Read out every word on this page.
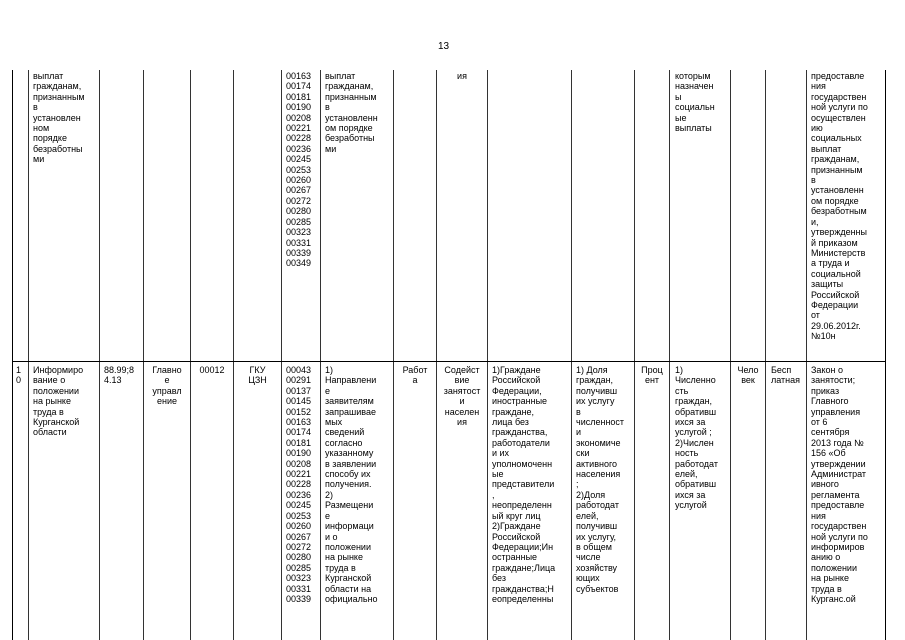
13
выплат
гражданам,
признанным
в
установлен
ном
порядке
безработны
ми
00163
00174
00181
00190
00208
00221
00228
00236
00245
00253
00260
00267
00272
00280
00285
00323
00331
00339
00349
выплат
гражданам,
признанным
в
установленн
ом порядке
безработны
ми
ия	которым
назначен
ы
социальн
ые
выплаты
предоставле
ния
государствен
ной услуги по
осуществлен
ию
социальных
выплат
гражданам,
признанным
в
установленн
ом порядке
безработным
и,
утвержденны
й приказом
Министерств
а труда и
социальной
защиты
Российской
Федерации
от
29.06.2012г.
№10н
1
0
Информиро
вание о
положении
на рынке
труда в
Курганской
области
88.99;8
4.13
Главно
е
управл
ение
00012	ГКУ
ЦЗН
00043
00291
00137
00145
00152
00163
00174
00181
00190
00208
00221
00228
00236
00245
00253
00260
00267
00272
00280
00285
00323
00331
00339
1)
Направлени
е
заявителям
запрашивае
мых
сведений
согласно
указанному
в заявлении
способу их
получения.
2)
Размещени
е
информаци
и о
положении
на рынке
труда в
Курганской
области на
официально
Работ
а
Содейст
вие
занятост
и
населен
ия
1)Граждане
Российской
Федерации,
иностранные
граждане,
лица без
гражданства,
работодатели
и их
уполномоченн
ые
представители
,
неопределенн
ый круг лиц
2)Граждане
Российской
Федерации;Ин
остранные
граждане;Лица
без
гражданства;Н
еопределенны
1) Доля
граждан,
получивш
их услугу
в
численност
и
экономиче
ски
активного
населения
;
2)Доля
работодат
елей,
получивш
их услугу,
в общем
числе
хозяйству
ющих
субъектов
Проц
ент
1)
Численно
сть
граждан,
обративш
ихся за
услугой ;
2)Числен
ность
работодат
елей,
обративш
ихся за
услугой
Чело
век
Бесп
латная
Закон о
занятости;
приказ
Главного
управления
от 6
сентября
2013 года №
156 «Об
утверждении
Администрат
ивного
регламента
предоставле
ния
государствен
ной услуги по
информиров
анию о
положении
на рынке
труда в
Курганс.ой
